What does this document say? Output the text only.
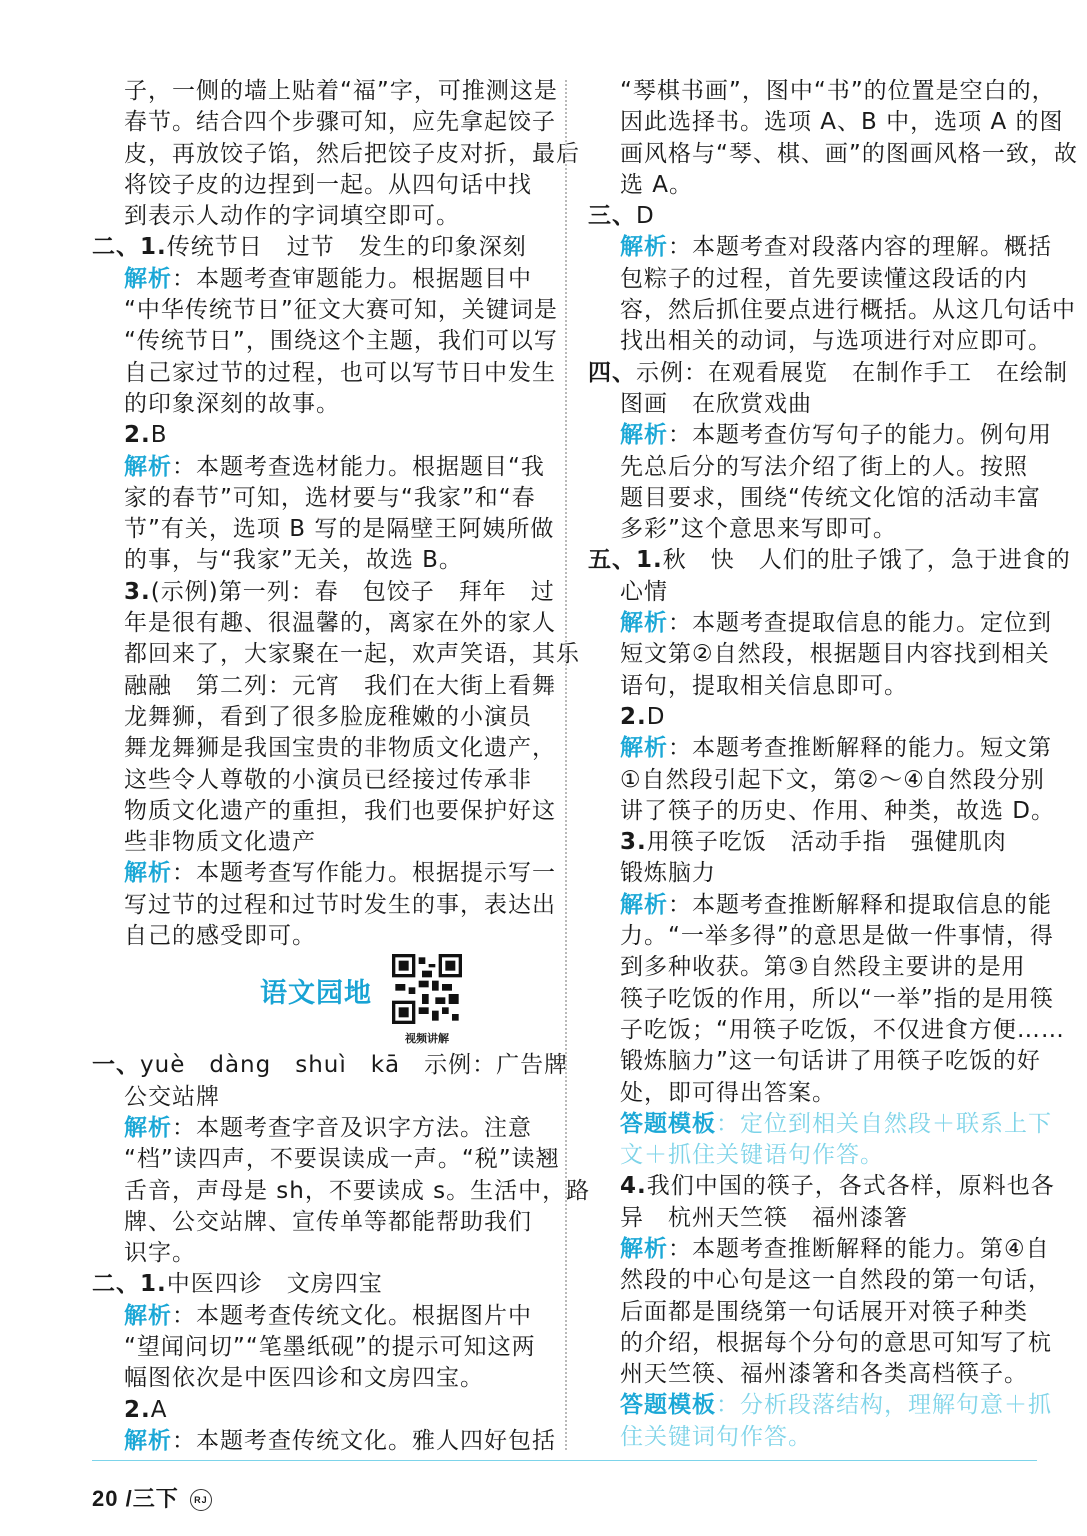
子，一侧的墙上贴着“福”字，可推测这是
春节。结合四个步骤可知，应先拿起饺子
皮，再放饺子馅，然后把饺子皮对折，最后
将饺子皮的边捏到一起。从四句话中找
到表示人动作的字词填空即可。
二、1.传统节日　过节　发生的印象深刻
解析：本题考查审题能力。根据题目中
“中华传统节日”征文大赛可知，关键词是
“传统节日”，围绕这个主题，我们可以写
自己家过节的过程，也可以写节日中发生
的印象深刻的故事。
2.B
解析：本题考查选材能力。根据题目“我
家的春节”可知，选材要与“我家”和“春
节”有关，选项 B 写的是隔壁王阿姨所做
的事，与“我家”无关，故选 B。
3.(示例)第一列：春　包饺子　拜年　过
年是很有趣、很温馨的，离家在外的家人
都回来了，大家聚在一起，欢声笑语，其乐
融融　第二列：元宵　我们在大街上看舞
龙舞狮，看到了很多脸庞稚嫩的小演员
舞龙舞狮是我国宝贵的非物质文化遗产，
这些令人尊敬的小演员已经接过传承非
物质文化遗产的重担，我们也要保护好这
些非物质文化遗产
解析：本题考查写作能力。根据提示写一
写过节的过程和过节时发生的事，表达出
自己的感受即可。
语文园地
视频讲解
一、yuè　dàng　shuì　kā　示例：广告牌
公交站牌
解析：本题考查字音及识字方法。注意
“档”读四声，不要误读成一声。“税”读翘
舌音，声母是 sh，不要读成 s。生活中，路
牌、公交站牌、宣传单等都能帮助我们
识字。
二、1.中医四诊　文房四宝
解析：本题考查传统文化。根据图片中
“望闻问切”“笔墨纸砚”的提示可知这两
幅图依次是中医四诊和文房四宝。
2.A
解析：本题考查传统文化。雅人四好包括
“琴棋书画”，图中“书”的位置是空白的，
因此选择书。选项 A、B 中，选项 A 的图
画风格与“琴、棋、画”的图画风格一致，故
选 A。
三、D
解析：本题考查对段落内容的理解。概括
包粽子的过程，首先要读懂这段话的内
容，然后抓住要点进行概括。从这几句话中
找出相关的动词，与选项进行对应即可。
四、示例：在观看展览　在制作手工　在绘制
图画　在欣赏戏曲
解析：本题考查仿写句子的能力。例句用
先总后分的写法介绍了街上的人。按照
题目要求，围绕“传统文化馆的活动丰富
多彩”这个意思来写即可。
五、1.秋　快　人们的肚子饿了，急于进食的
心情
解析：本题考查提取信息的能力。定位到
短文第②自然段，根据题目内容找到相关
语句，提取相关信息即可。
2.D
解析：本题考查推断解释的能力。短文第
①自然段引起下文，第②～④自然段分别
讲了筷子的历史、作用、种类，故选 D。
3.用筷子吃饭　活动手指　强健肌肉
锻炼脑力
解析：本题考查推断解释和提取信息的能
力。“一举多得”的意思是做一件事情，得
到多种收获。第③自然段主要讲的是用
筷子吃饭的作用，所以“一举”指的是用筷
子吃饭；“用筷子吃饭，不仅进食方便……
锻炼脑力”这一句话讲了用筷子吃饭的好
处，即可得出答案。
答题模板：定位到相关自然段＋联系上下
文＋抓住关键语句作答。
4.我们中国的筷子，各式各样，原料也各
异　杭州天竺筷　福州漆箸
解析：本题考查推断解释的能力。第④自
然段的中心句是这一自然段的第一句话，
后面都是围绕第一句话展开对筷子种类
的介绍，根据每个分句的意思可知写了杭
州天竺筷、福州漆箸和各类高档筷子。
答题模板：分析段落结构，理解句意＋抓
住关键词句作答。
20 /三下 RJ
